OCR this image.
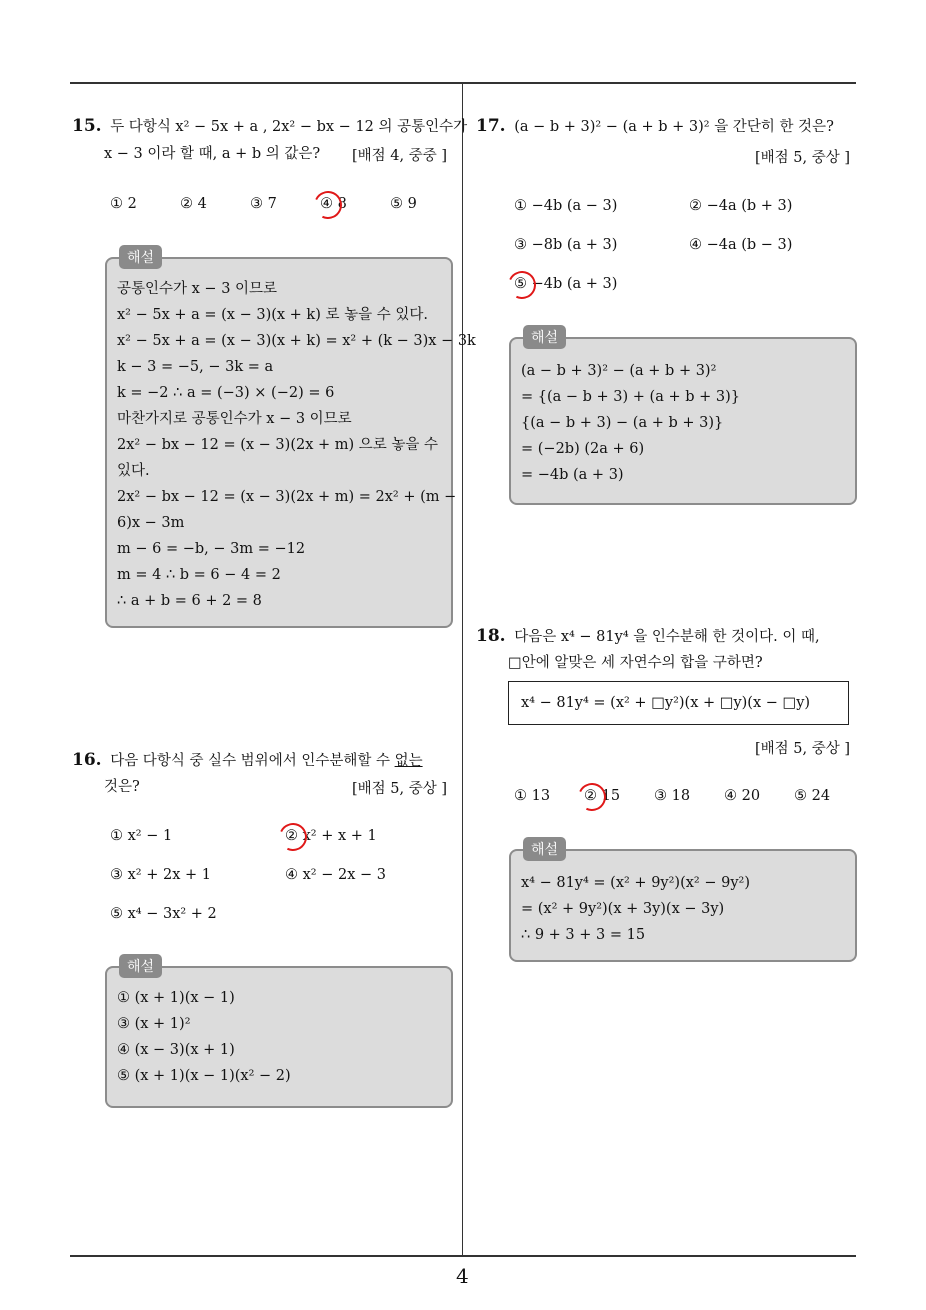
15. 두 다항식 x² − 5x + a , 2x² − bx − 12 의 공통인수가
x − 3 이라 할 때, a + b 의 값은? [배점 4, 중중 ]
① 2	② 4	③ 7	④ 8	⑤ 9
해설
공통인수가 x − 3 이므로
x² − 5x + a = (x − 3)(x + k) 로 놓을 수 있다.
x² − 5x + a = (x − 3)(x + k) = x² + (k − 3)x − 3k
k − 3 = −5, − 3k = a
k = −2 ∴ a = (−3) × (−2) = 6
마찬가지로 공통인수가 x − 3 이므로
2x² − bx − 12 = (x − 3)(2x + m) 으로 놓을 수
있다.
2x² − bx − 12 = (x − 3)(2x + m) = 2x² + (m −
6)x − 3m
m − 6 = −b, − 3m = −12
m = 4 ∴ b = 6 − 4 = 2
∴ a + b = 6 + 2 = 8
16. 다음 다항식 중 실수 범위에서 인수분해할 수 없는
것은?	[배점 5, 중상 ]
① x² − 1	② x² + x + 1
③ x² + 2x + 1	④ x² − 2x − 3
⑤ x⁴ − 3x² + 2
해설
① (x + 1)(x − 1)
③ (x + 1)²
④ (x − 3)(x + 1)
⑤ (x + 1)(x − 1)(x² − 2)
17. (a − b + 3)² − (a + b + 3)² 을 간단히 한 것은?
[배점 5, 중상 ]
① −4b (a − 3)	② −4a (b + 3)
③ −8b (a + 3)	④ −4a (b − 3)
⑤ −4b (a + 3)
해설
(a − b + 3)² − (a + b + 3)²
= {(a − b + 3) + (a + b + 3)}
{(a − b + 3) − (a + b + 3)}
= (−2b) (2a + 6)
= −4b (a + 3)
18. 다음은 x⁴ − 81y⁴ 을 인수분해 한 것이다. 이 때,
□안에 알맞은 세 자연수의 합을 구하면?
x⁴ − 81y⁴ = (x² + □y²)(x + □y)(x − □y)
[배점 5, 중상 ]
① 13 ② 15 ③ 18 ④ 20 ⑤ 24
해설
x⁴ − 81y⁴ = (x² + 9y²)(x² − 9y²)
= (x² + 9y²)(x + 3y)(x − 3y)
∴ 9 + 3 + 3 = 15
4
